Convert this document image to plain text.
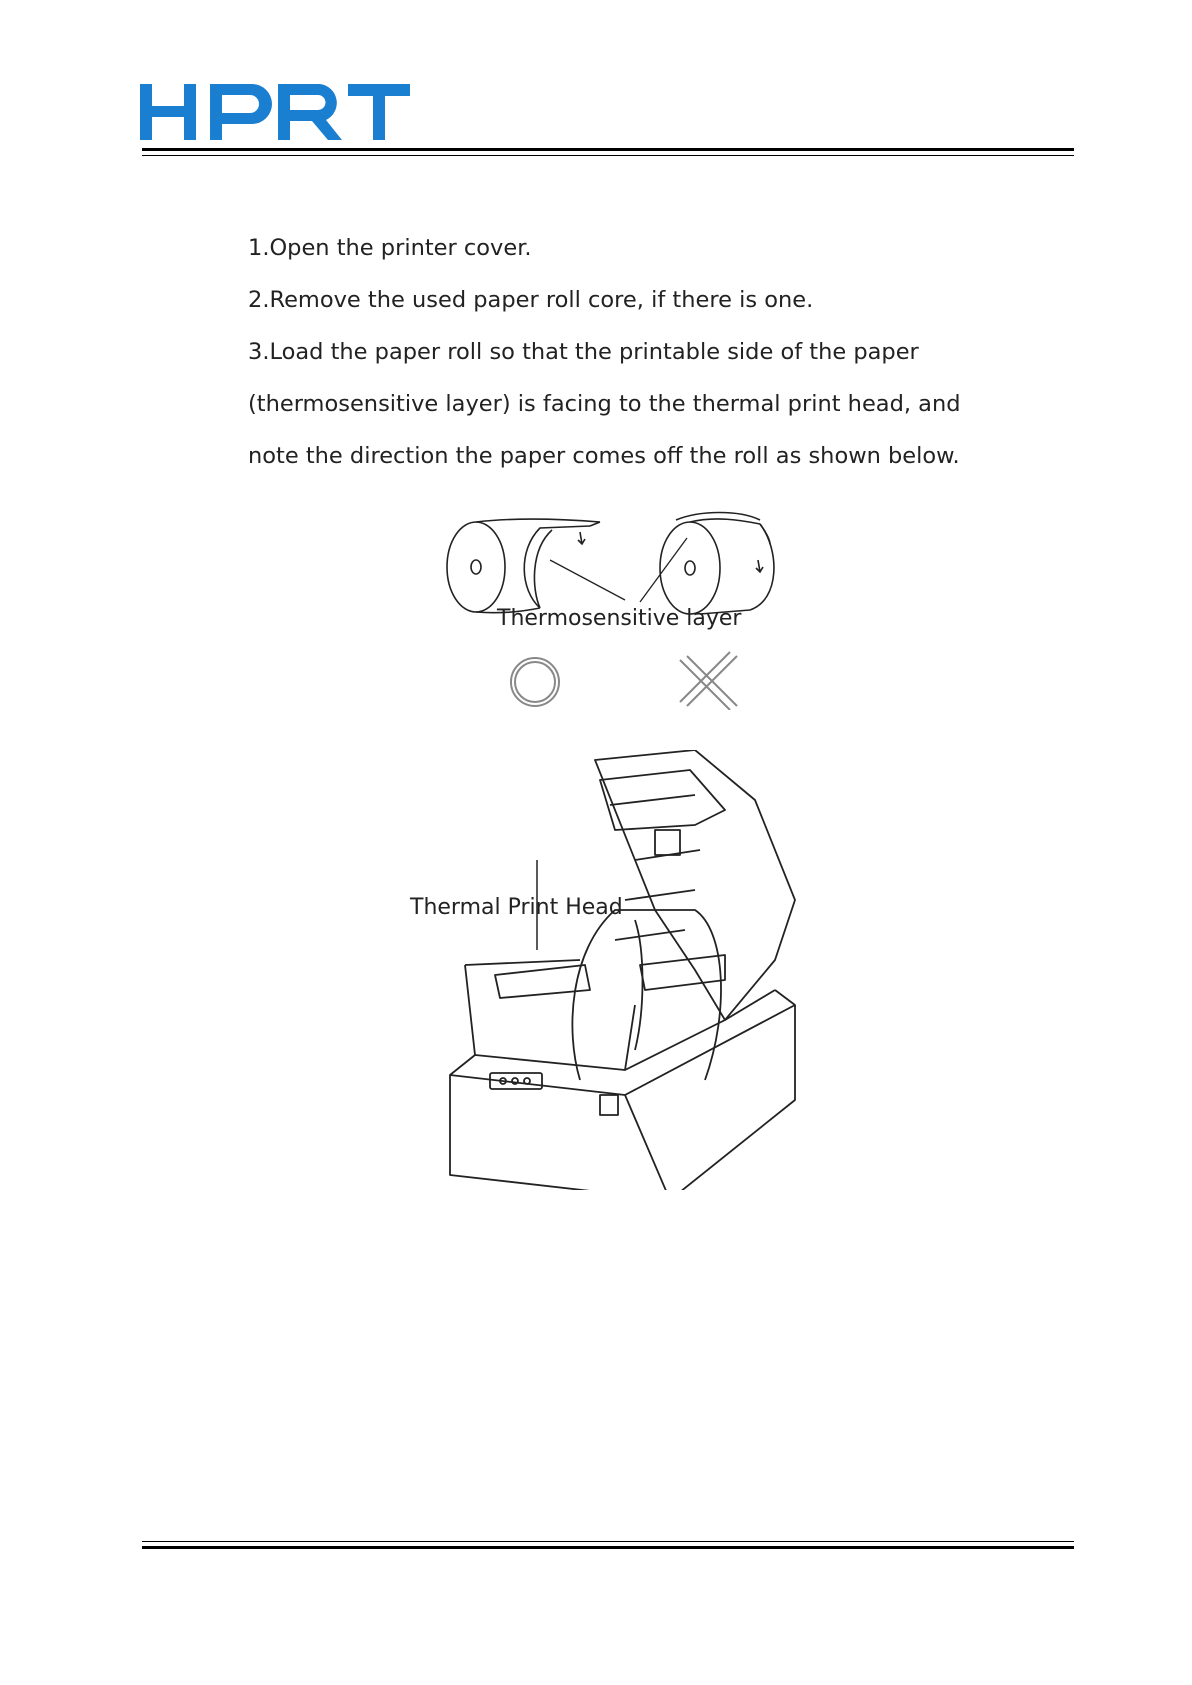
1.Open the printer cover.
2.Remove the used paper roll core, if there is one.
3.Load the paper roll so that the printable side of the paper
(thermosensitive layer) is facing to the thermal print head, and
note the direction the paper comes off the roll as shown below.
Thermosensitive layer
Thermal Print Head
